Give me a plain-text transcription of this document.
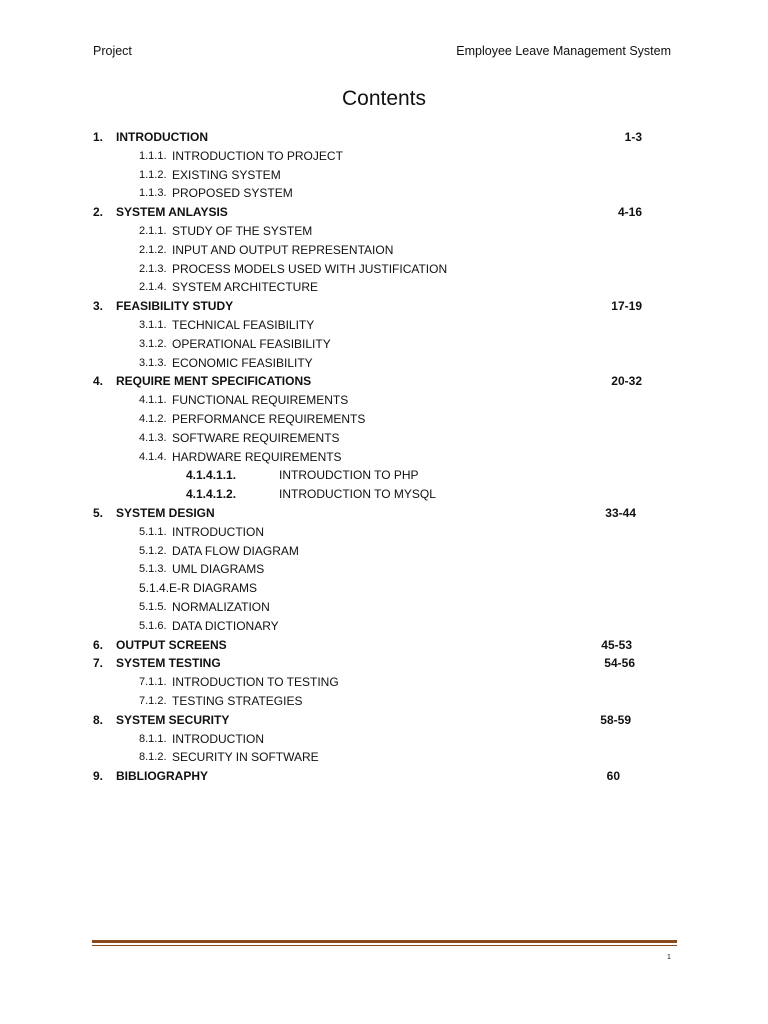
Project	Employee Leave Management System
Contents
1. INTRODUCTION	1-3
1.1.1. INTRODUCTION TO PROJECT
1.1.2. EXISTING SYSTEM
1.1.3. PROPOSED SYSTEM
2. SYSTEM ANLAYSIS	4-16
2.1.1. STUDY OF THE SYSTEM
2.1.2. INPUT AND OUTPUT REPRESENTAION
2.1.3. PROCESS MODELS USED WITH JUSTIFICATION
2.1.4. SYSTEM ARCHITECTURE
3. FEASIBILITY STUDY	17-19
3.1.1. TECHNICAL FEASIBILITY
3.1.2. OPERATIONAL FEASIBILITY
3.1.3. ECONOMIC FEASIBILITY
4. REQUIRE MENT SPECIFICATIONS	20-32
4.1.1. FUNCTIONAL REQUIREMENTS
4.1.2. PERFORMANCE REQUIREMENTS
4.1.3. SOFTWARE REQUIREMENTS
4.1.4. HARDWARE REQUIREMENTS
4.1.4.1.1.	INTROUDCTION TO PHP
4.1.4.1.2.	INTRODUCTION TO MYSQL
5. SYSTEM DESIGN	33-44
5.1.1. INTRODUCTION
5.1.2. DATA FLOW DIAGRAM
5.1.3. UML DIAGRAMS
5.1.4.E-R DIAGRAMS
5.1.5. NORMALIZATION
5.1.6. DATA DICTIONARY
6. OUTPUT SCREENS	45-53
7. SYSTEM TESTING	54-56
7.1.1. INTRODUCTION TO TESTING
7.1.2. TESTING STRATEGIES
8. SYSTEM SECURITY	58-59
8.1.1. INTRODUCTION
8.1.2. SECURITY IN SOFTWARE
9. BIBLIOGRAPHY	60
1
